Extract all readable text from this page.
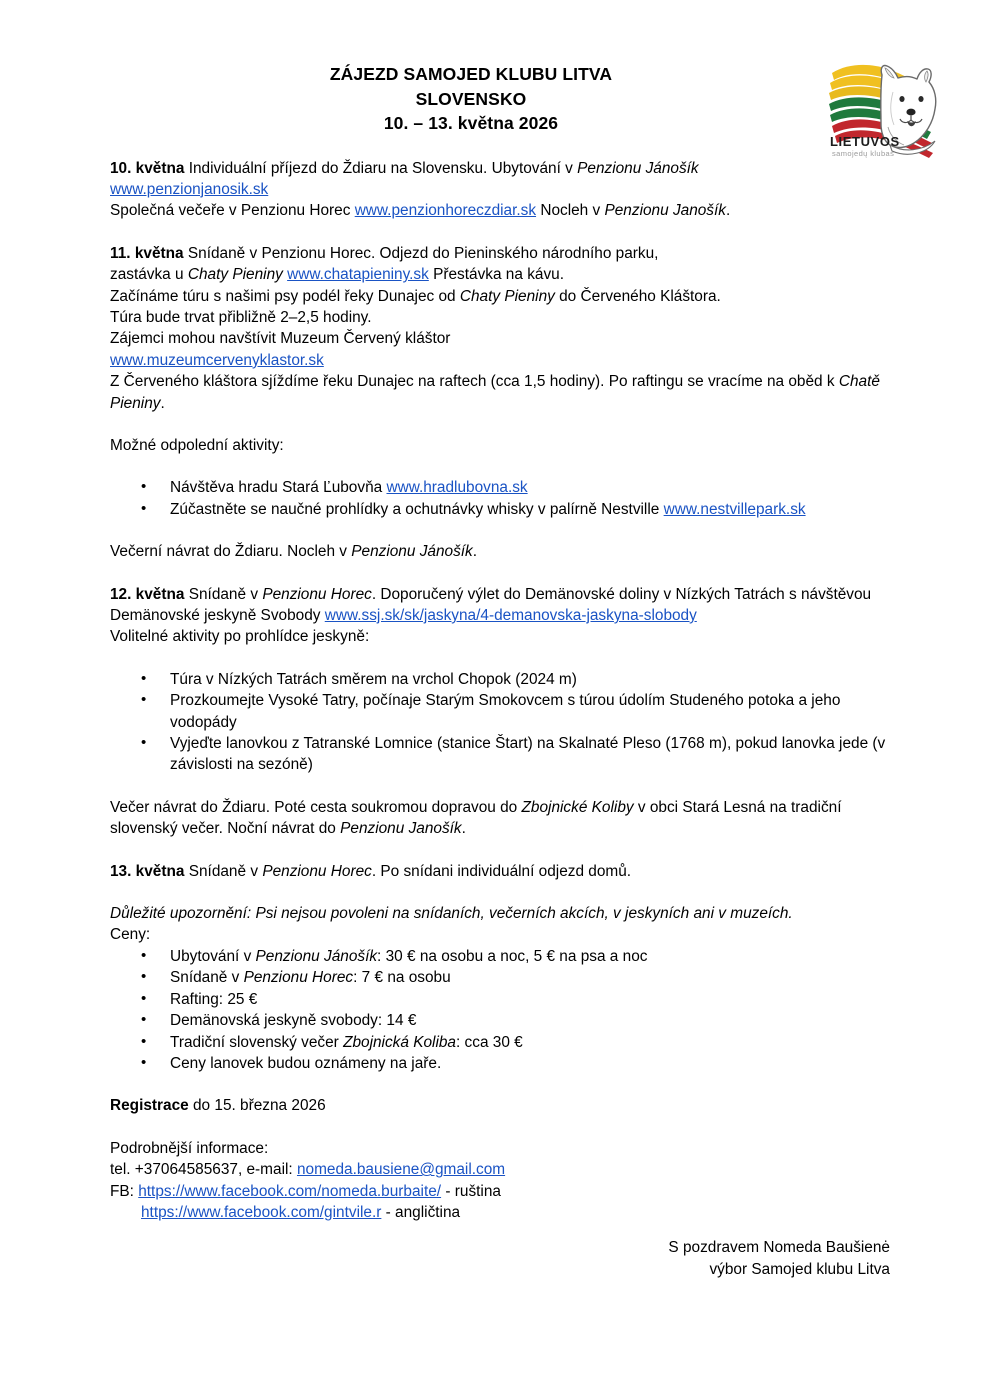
ZÁJEZD SAMOJED KLUBU LITVA
SLOVENSKO
10. – 13. května 2026
LIETUVOS
samojedų klubas

10. května Individuální příjezd do Ždiaru na Slovensku. Ubytování v Penzionu Jánošík
www.penzionjanosik.sk
Společná večeře v Penzionu Horec www.penzionhoreczdiar.sk Nocleh v Penzionu Janošík.

11. května Snídaně v Penzionu Horec. Odjezd do Pieninského národního parku,
zastávka u Chaty Pieniny www.chatapieniny.sk Přestávka na kávu.
Začínáme túru s našimi psy podél řeky Dunajec od Chaty Pieniny do Červeného Kláštora.
Túra bude trvat přibližně 2–2,5 hodiny.
Zájemci mohou navštívit Muzeum Červený kláštor
www.muzeumcervenyklastor.sk
Z Červeného kláštora sjíždíme řeku Dunajec na raftech (cca 1,5 hodiny). Po raftingu se vracíme na oběd k Chatě Pieniny.

Možné odpolední aktivity:

• Návštěva hradu Stará Ľubovňa www.hradlubovna.sk
• Zúčastněte se naučné prohlídky a ochutnávky whisky v palírně Nestville www.nestvillepark.sk

Večerní návrat do Ždiaru. Nocleh v Penzionu Jánošík.

12. května Snídaně v Penzionu Horec. Doporučený výlet do Demänovské doliny v Nízkých Tatrách s návštěvou Demänovské jeskyně Svobody www.ssj.sk/sk/jaskyna/4-demanovska-jaskyna-slobody
Volitelné aktivity po prohlídce jeskyně:

• Túra v Nízkých Tatrách směrem na vrchol Chopok (2024 m)
• Prozkoumejte Vysoké Tatry, počínaje Starým Smokovcem s túrou údolím Studeného potoka a jeho vodopády
• Vyjeďte lanovkou z Tatranské Lomnice (stanice Štart) na Skalnaté Pleso (1768 m), pokud lanovka jede (v závislosti na sezóně)

Večer návrat do Ždiaru. Poté cesta soukromou dopravou do Zbojnické Koliby v obci Stará Lesná na tradiční slovenský večer. Noční návrat do Penzionu Janošík.

13. května Snídaně v Penzionu Horec. Po snídani individuální odjezd domů.

Důležité upozornění: Psi nejsou povoleni na snídaních, večerních akcích, v jeskyních ani v muzeích.
Ceny:

• Ubytování v Penzionu Jánošík: 30 € na osobu a noc, 5 € na psa a noc
• Snídaně v Penzionu Horec: 7 € na osobu
• Rafting: 25 €
• Demänovská jeskyně svobody: 14 €
• Tradiční slovenský večer Zbojnická Koliba: cca 30 €
• Ceny lanovek budou oznámeny na jaře.

Registrace do 15. března 2026

Podrobnější informace:
tel. +37064585637, e-mail: nomeda.bausiene@gmail.com
FB: https://www.facebook.com/nomeda.burbaite/ - ruština
https://www.facebook.com/gintvile.r - angličtina

S pozdravem Nomeda Baušienė
výbor Samojed klubu Litva
